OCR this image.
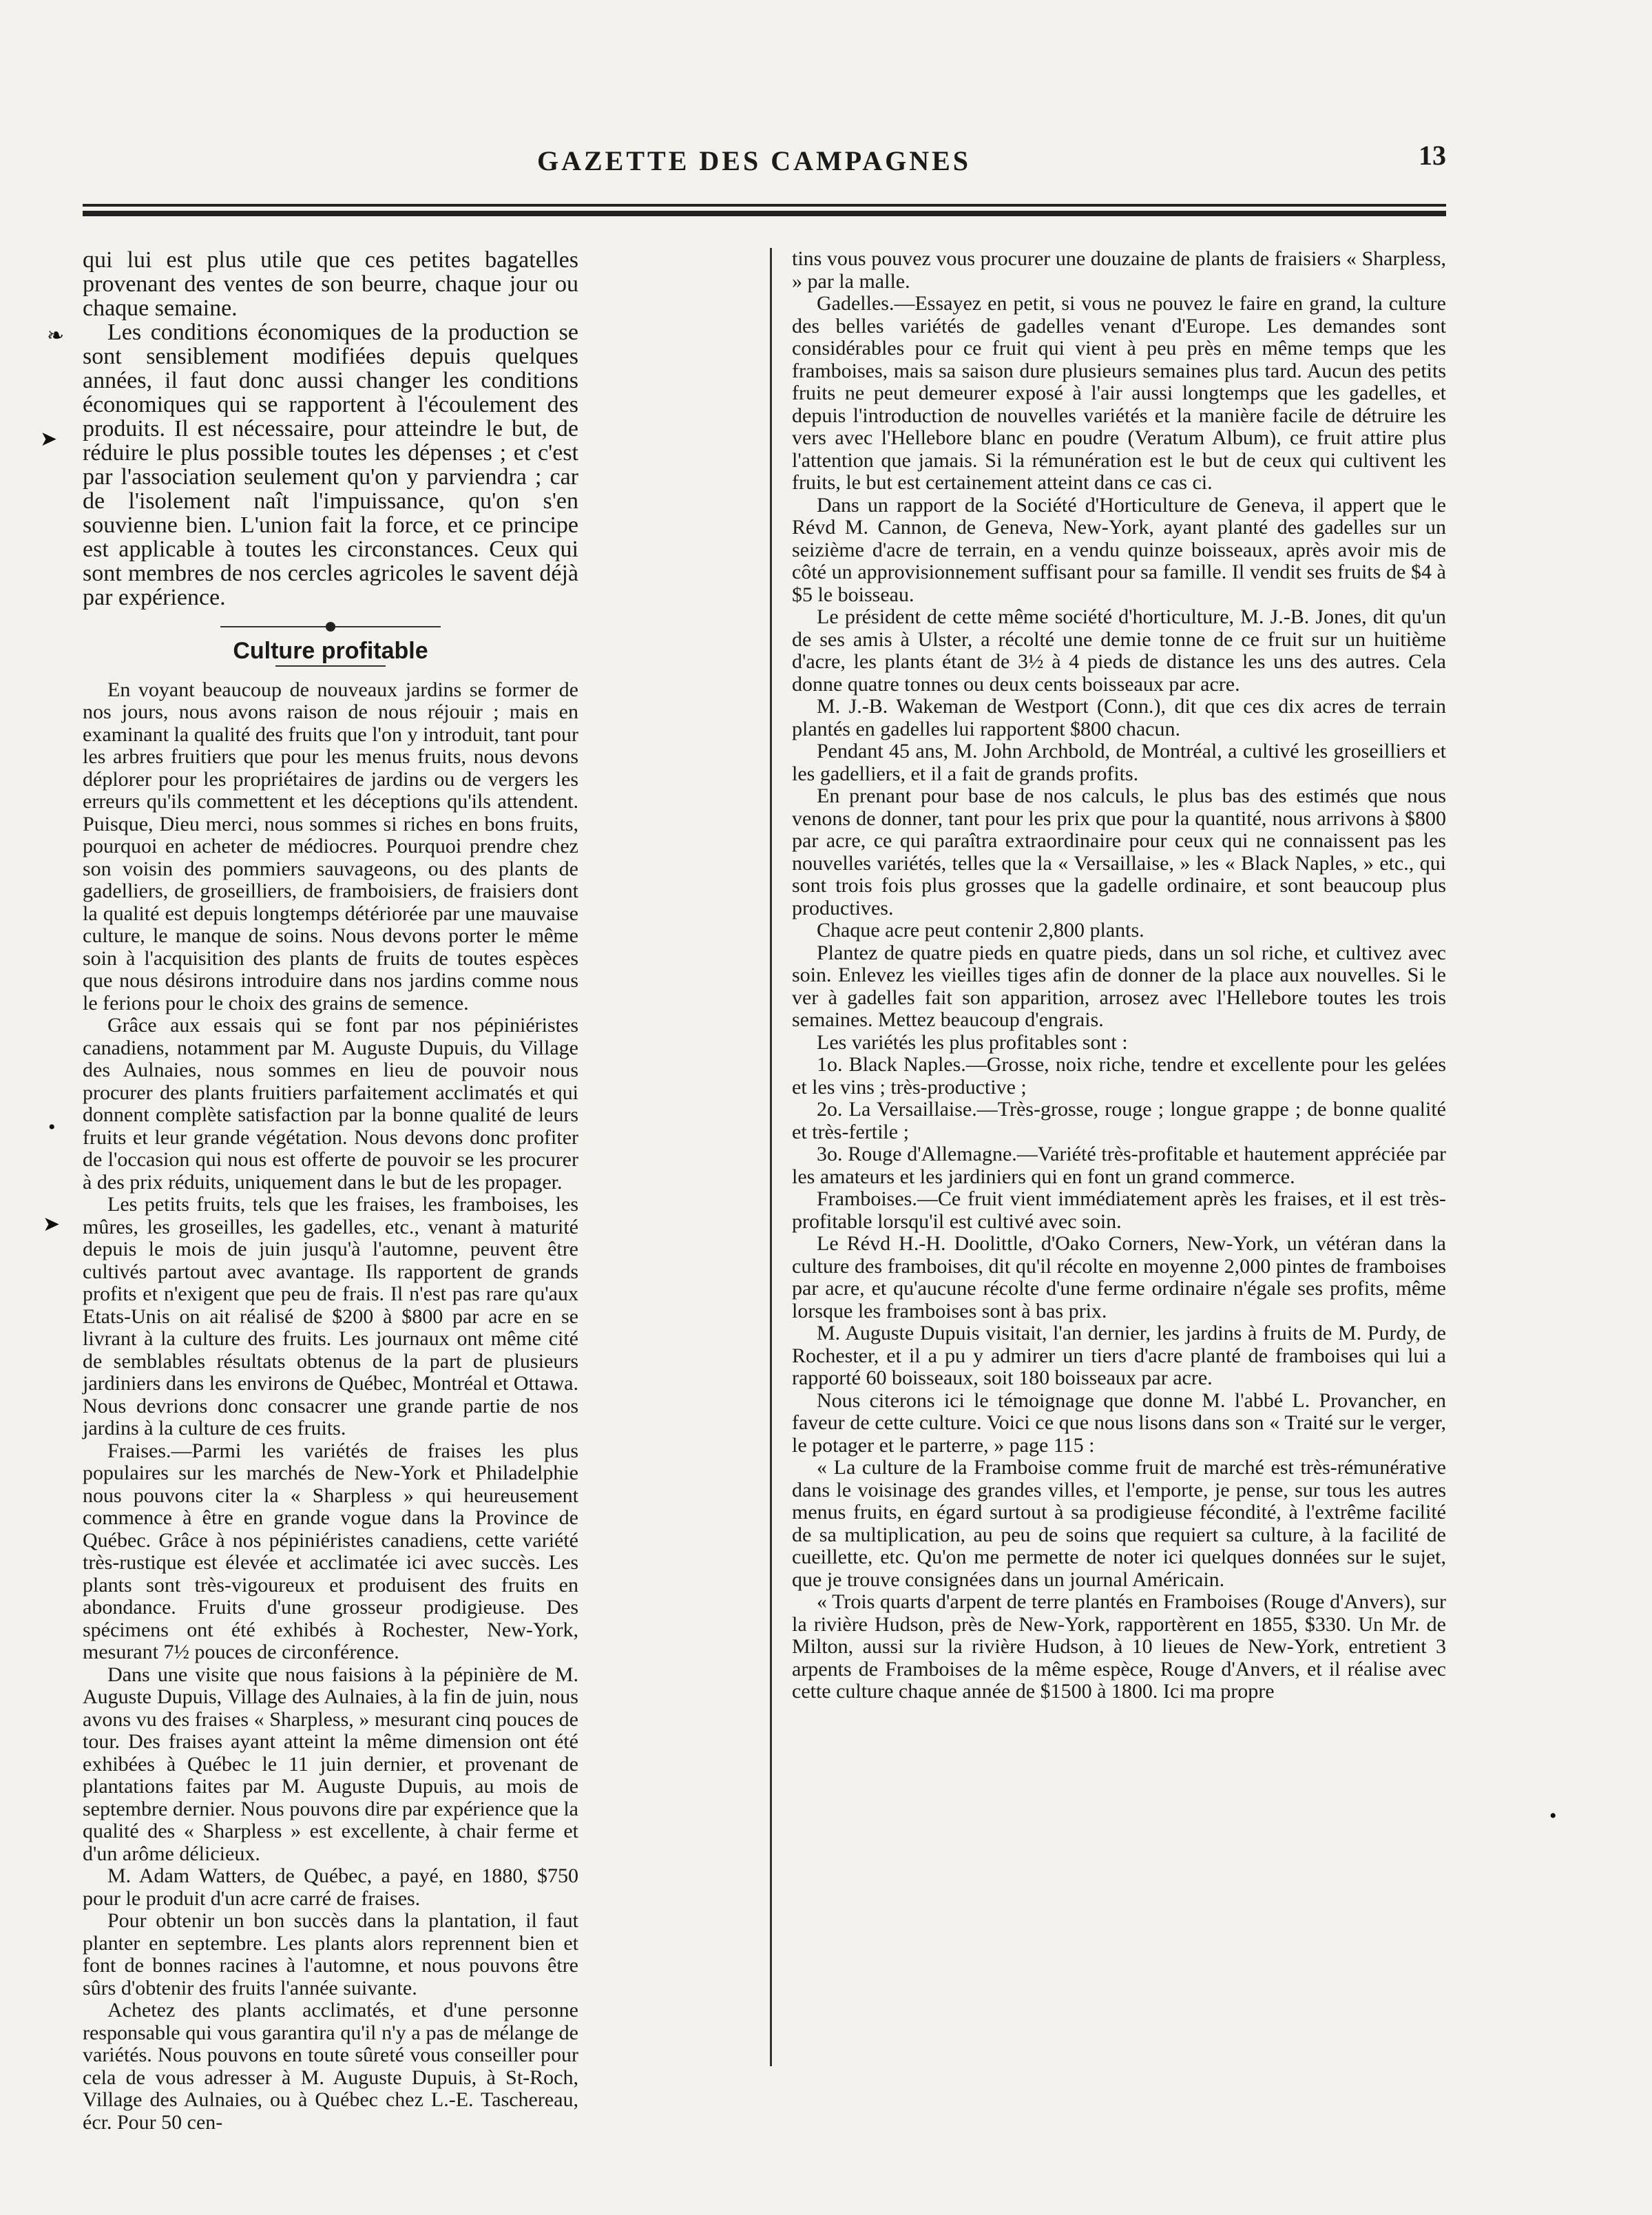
GAZETTE DES CAMPAGNES	13
❧
➤
•
➤
•

qui lui est plus utile que ces petites bagatelles provenant des ventes de son beurre, chaque jour ou chaque semaine.

Les conditions économiques de la production se sont sensiblement modifiées depuis quelques années, il faut donc aussi changer les conditions économiques qui se rapportent à l'écoulement des produits. Il est nécessaire, pour atteindre le but, de réduire le plus possible toutes les dépenses ; et c'est par l'association seulement qu'on y parviendra ; car de l'isolement naît l'impuissance, qu'on s'en souvienne bien. L'union fait la force, et ce principe est applicable à toutes les circonstances. Ceux qui sont membres de nos cercles agricoles le savent déjà par expérience.

Culture profitable

En voyant beaucoup de nouveaux jardins se former de nos jours, nous avons raison de nous réjouir ; mais en examinant la qualité des fruits que l'on y introduit, tant pour les arbres fruitiers que pour les menus fruits, nous devons déplorer pour les propriétaires de jardins ou de vergers les erreurs qu'ils commettent et les déceptions qu'ils attendent. Puisque, Dieu merci, nous sommes si riches en bons fruits, pourquoi en acheter de médiocres. Pourquoi prendre chez son voisin des pommiers sauvageons, ou des plants de gadelliers, de groseilliers, de framboisiers, de fraisiers dont la qualité est depuis longtemps détériorée par une mauvaise culture, le manque de soins. Nous devons porter le même soin à l'acquisition des plants de fruits de toutes espèces que nous désirons introduire dans nos jardins comme nous le ferions pour le choix des grains de semence.

Grâce aux essais qui se font par nos pépiniéristes canadiens, notamment par M. Auguste Dupuis, du Village des Aulnaies, nous sommes en lieu de pouvoir nous procurer des plants fruitiers parfaitement acclimatés et qui donnent complète satisfaction par la bonne qualité de leurs fruits et leur grande végétation. Nous devons donc profiter de l'occasion qui nous est offerte de pouvoir se les procurer à des prix réduits, uniquement dans le but de les propager.

Les petits fruits, tels que les fraises, les framboises, les mûres, les groseilles, les gadelles, etc., venant à maturité depuis le mois de juin jusqu'à l'automne, peuvent être cultivés partout avec avantage. Ils rapportent de grands profits et n'exigent que peu de frais. Il n'est pas rare qu'aux Etats-Unis on ait réalisé de $200 à $800 par acre en se livrant à la culture des fruits. Les journaux ont même cité de semblables résultats obtenus de la part de plusieurs jardiniers dans les environs de Québec, Montréal et Ottawa. Nous devrions donc consacrer une grande partie de nos jardins à la culture de ces fruits.

Fraises.—Parmi les variétés de fraises les plus populaires sur les marchés de New-York et Philadelphie nous pouvons citer la « Sharpless » qui heureusement commence à être en grande vogue dans la Province de Québec. Grâce à nos pépiniéristes canadiens, cette variété très-rustique est élevée et acclimatée ici avec succès. Les plants sont très-vigoureux et produisent des fruits en abondance. Fruits d'une grosseur prodigieuse. Des spécimens ont été exhibés à Rochester, New-York, mesurant 7½ pouces de circonférence.

Dans une visite que nous faisions à la pépinière de M. Auguste Dupuis, Village des Aulnaies, à la fin de juin, nous avons vu des fraises « Sharpless, » mesurant cinq pouces de tour. Des fraises ayant atteint la même dimension ont été exhibées à Québec le 11 juin dernier, et provenant de plantations faites par M. Auguste Dupuis, au mois de septembre dernier. Nous pouvons dire par expérience que la qualité des « Sharpless » est excellente, à chair ferme et d'un arôme délicieux.

M. Adam Watters, de Québec, a payé, en 1880, $750 pour le produit d'un acre carré de fraises.

Pour obtenir un bon succès dans la plantation, il faut planter en septembre. Les plants alors reprennent bien et font de bonnes racines à l'automne, et nous pouvons être sûrs d'obtenir des fruits l'année suivante.

Achetez des plants acclimatés, et d'une personne responsable qui vous garantira qu'il n'y a pas de mélange de variétés. Nous pouvons en toute sûreté vous conseiller pour cela de vous adresser à M. Auguste Dupuis, à St-Roch, Village des Aulnaies, ou à Québec chez L.-E. Taschereau, écr. Pour 50 cen-

tins vous pouvez vous procurer une douzaine de plants de fraisiers « Sharpless, » par la malle.

Gadelles.—Essayez en petit, si vous ne pouvez le faire en grand, la culture des belles variétés de gadelles venant d'Europe. Les demandes sont considérables pour ce fruit qui vient à peu près en même temps que les framboises, mais sa saison dure plusieurs semaines plus tard. Aucun des petits fruits ne peut demeurer exposé à l'air aussi longtemps que les gadelles, et depuis l'introduction de nouvelles variétés et la manière facile de détruire les vers avec l'Hellebore blanc en poudre (Veratum Album), ce fruit attire plus l'attention que jamais. Si la rémunération est le but de ceux qui cultivent les fruits, le but est certainement atteint dans ce cas ci.

Dans un rapport de la Société d'Horticulture de Geneva, il appert que le Révd M. Cannon, de Geneva, New-York, ayant planté des gadelles sur un seizième d'acre de terrain, en a vendu quinze boisseaux, après avoir mis de côté un approvisionnement suffisant pour sa famille. Il vendit ses fruits de $4 à $5 le boisseau.

Le président de cette même société d'horticulture, M. J.-B. Jones, dit qu'un de ses amis à Ulster, a récolté une demie tonne de ce fruit sur un huitième d'acre, les plants étant de 3½ à 4 pieds de distance les uns des autres. Cela donne quatre tonnes ou deux cents boisseaux par acre.

M. J.-B. Wakeman de Westport (Conn.), dit que ces dix acres de terrain plantés en gadelles lui rapportent $800 chacun.

Pendant 45 ans, M. John Archbold, de Montréal, a cultivé les groseilliers et les gadelliers, et il a fait de grands profits.

En prenant pour base de nos calculs, le plus bas des estimés que nous venons de donner, tant pour les prix que pour la quantité, nous arrivons à $800 par acre, ce qui paraîtra extraordinaire pour ceux qui ne connaissent pas les nouvelles variétés, telles que la « Versaillaise, » les « Black Naples, » etc., qui sont trois fois plus grosses que la gadelle ordinaire, et sont beaucoup plus productives.

Chaque acre peut contenir 2,800 plants.

Plantez de quatre pieds en quatre pieds, dans un sol riche, et cultivez avec soin. Enlevez les vieilles tiges afin de donner de la place aux nouvelles. Si le ver à gadelles fait son apparition, arrosez avec l'Hellebore toutes les trois semaines. Mettez beaucoup d'engrais.

Les variétés les plus profitables sont :

1o. Black Naples.—Grosse, noix riche, tendre et excellente pour les gelées et les vins ; très-productive ;

2o. La Versaillaise.—Très-grosse, rouge ; longue grappe ; de bonne qualité et très-fertile ;

3o. Rouge d'Allemagne.—Variété très-profitable et hautement appréciée par les amateurs et les jardiniers qui en font un grand commerce.

Framboises.—Ce fruit vient immédiatement après les fraises, et il est très-profitable lorsqu'il est cultivé avec soin.

Le Révd H.-H. Doolittle, d'Oako Corners, New-York, un vétéran dans la culture des framboises, dit qu'il récolte en moyenne 2,000 pintes de framboises par acre, et qu'aucune récolte d'une ferme ordinaire n'égale ses profits, même lorsque les framboises sont à bas prix.

M. Auguste Dupuis visitait, l'an dernier, les jardins à fruits de M. Purdy, de Rochester, et il a pu y admirer un tiers d'acre planté de framboises qui lui a rapporté 60 boisseaux, soit 180 boisseaux par acre.

Nous citerons ici le témoignage que donne M. l'abbé L. Provancher, en faveur de cette culture. Voici ce que nous lisons dans son « Traité sur le verger, le potager et le parterre, » page 115 :

« La culture de la Framboise comme fruit de marché est très-rémunérative dans le voisinage des grandes villes, et l'emporte, je pense, sur tous les autres menus fruits, en égard surtout à sa prodigieuse fécondité, à l'extrême facilité de sa multiplication, au peu de soins que requiert sa culture, à la facilité de cueillette, etc. Qu'on me permette de noter ici quelques données sur le sujet, que je trouve consignées dans un journal Américain.

« Trois quarts d'arpent de terre plantés en Framboises (Rouge d'Anvers), sur la rivière Hudson, près de New-York, rapportèrent en 1855, $330. Un Mr. de Milton, aussi sur la rivière Hudson, à 10 lieues de New-York, entretient 3 arpents de Framboises de la même espèce, Rouge d'Anvers, et il réalise avec cette culture chaque année de $1500 à 1800. Ici ma propre
